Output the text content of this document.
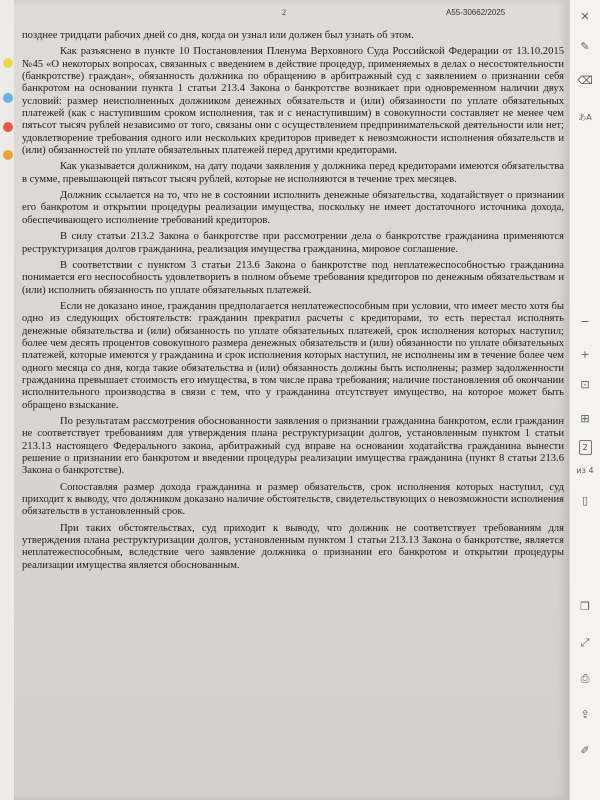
2	А55-30662/2025

позднее тридцати рабочих дней со дня, когда он узнал или должен был узнать об этом.

Как разъяснено в пункте 10 Постановления Пленума Верховного Суда Российской Федерации от 13.10.2015 №45 «О некоторых вопросах, связанных с введением в действие процедур, применяемых в делах о несостоятельности (банкротстве) граждан», обязанность должника по обращению в арбитражный суд с заявлением о признании себя банкротом на основании пункта 1 статьи 213.4 Закона о банкротстве возникает при одновременном наличии двух условий: размер неисполненных должником денежных обязательств и (или) обязанности по уплате обязательных платежей (как с наступившим сроком исполнения, так и с ненаступившим) в совокупности составляет не менее чем пятьсот тысяч рублей независимо от того, связаны они с осуществлением предпринимательской деятельности или нет; удовлетворение требования одного или нескольких кредиторов приведет к невозможности исполнения обязательств и (или) обязанностей по уплате обязательных платежей перед другими кредиторами.

Как указывается должником, на дату подачи заявления у должника перед кредиторами имеются обязательства в сумме, превышающей пятьсот тысяч рублей, которые не исполняются в течение трех месяцев.

Должник ссылается на то, что не в состоянии исполнить денежные обязательства, ходатайствует о признании его банкротом и открытии процедуры реализации имущества, поскольку не имеет достаточного источника дохода, обеспечивающего исполнение требований кредиторов.

В силу статьи 213.2 Закона о банкротстве при рассмотрении дела о банкротстве гражданина применяются реструктуризация долгов гражданина, реализация имущества гражданина, мировое соглашение.

В соответствии с пунктом 3 статьи 213.6 Закона о банкротстве под неплатежеспособностью гражданина понимается его неспособность удовлетворить в полном объеме требования кредиторов по денежным обязательствам и (или) исполнить обязанность по уплате обязательных платежей.

Если не доказано иное, гражданин предполагается неплатежеспособным при условии, что имеет место хотя бы одно из следующих обстоятельств: гражданин прекратил расчеты с кредиторами, то есть перестал исполнять денежные обязательства и (или) обязанность по уплате обязательных платежей, срок исполнения которых наступил; более чем десять процентов совокупного размера денежных обязательств и (или) обязанности по уплате обязательных платежей, которые имеются у гражданина и срок исполнения которых наступил, не исполнены им в течение более чем одного месяца со дня, когда такие обязательства и (или) обязанность должны быть исполнены; размер задолженности гражданина превышает стоимость его имущества, в том числе права требования; наличие постановления об окончании исполнительного производства в связи с тем, что у гражданина отсутствует имущество, на которое может быть обращено взыскание.

По результатам рассмотрения обоснованности заявления о признании гражданина банкротом, если гражданин не соответствует требованиям для утверждения плана реструктуризации долгов, установленным пунктом 1 статьи 213.13 настоящего Федерального закона, арбитражный суд вправе на основании ходатайства гражданина вынести решение о признании его банкротом и введении процедуры реализации имущества гражданина (пункт 8 статьи 213.6 Закона о банкротстве).

Сопоставляя размер дохода гражданина и размер обязательств, срок исполнения которых наступил, суд приходит к выводу, что должником доказано наличие обстоятельств, свидетельствующих о невозможности исполнения обязательств в установленный срок.

При таких обстоятельствах, суд приходит к выводу, что должник не соответствует требованиям для утверждения плана реструктуризации долгов, установленным пунктом 1 статьи 213.13 Закона о банкротстве, является неплатежеспособным, вследствие чего заявление должника о признании его банкротом и открытии процедуры реализации имущества является обоснованным.

✕
✎
⌫
あA
−
+
⊡
⊞
2
из 4
▯
❐
⤢
⎙
⇪
✐
